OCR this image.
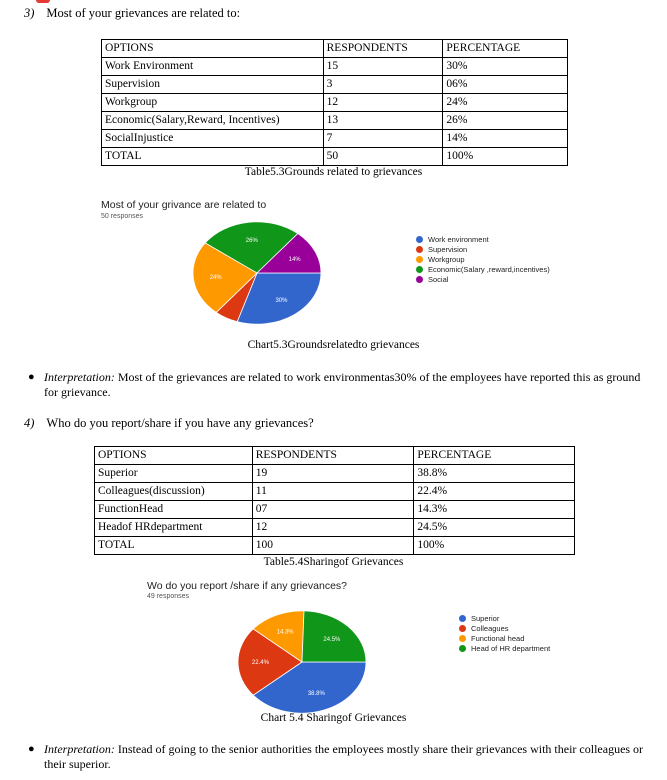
3) Most of your grievances are related to:
OPTIONS	RESPONDENTS	PERCENTAGE
Work Environment	15	30%
Supervision	3	06%
Workgroup	12	24%
Economic(Salary,Reward, Incentives)	13	26%
SocialInjustice	7	14%
TOTAL	50	100%
Table5.3Grounds related to grievances
Most of your grivance are related to
50 responses
30%
24%
26%
14%
Work environment
Supervision
Workgroup
Economic(Salary ,reward,incentives)
Social
Chart5.3Groundsrelatedto grievances
● Interpretation: Most of the grievances are related to work environmentas30% of the employees have reported this as ground for grievance.
4) Who do you report/share if you have any grievances?
OPTIONS	RESPONDENTS	PERCENTAGE
Superior	19	38.8%
Colleagues(discussion)	11	22.4%
FunctionHead	07	14.3%
Headof HRdepartment	12	24.5%
TOTAL	100	100%
Table5.4Sharingof Grievances
Wo do you report /share if any grievances?
49 responses
38.8%
22.4%
14.3%
24.5%
Superior
Colleagues
Functional head
Head of HR department
Chart 5.4 Sharingof Grievances
● Interpretation: Instead of going to the senior authorities the employees mostly share their grievances with their colleagues or their superior.
